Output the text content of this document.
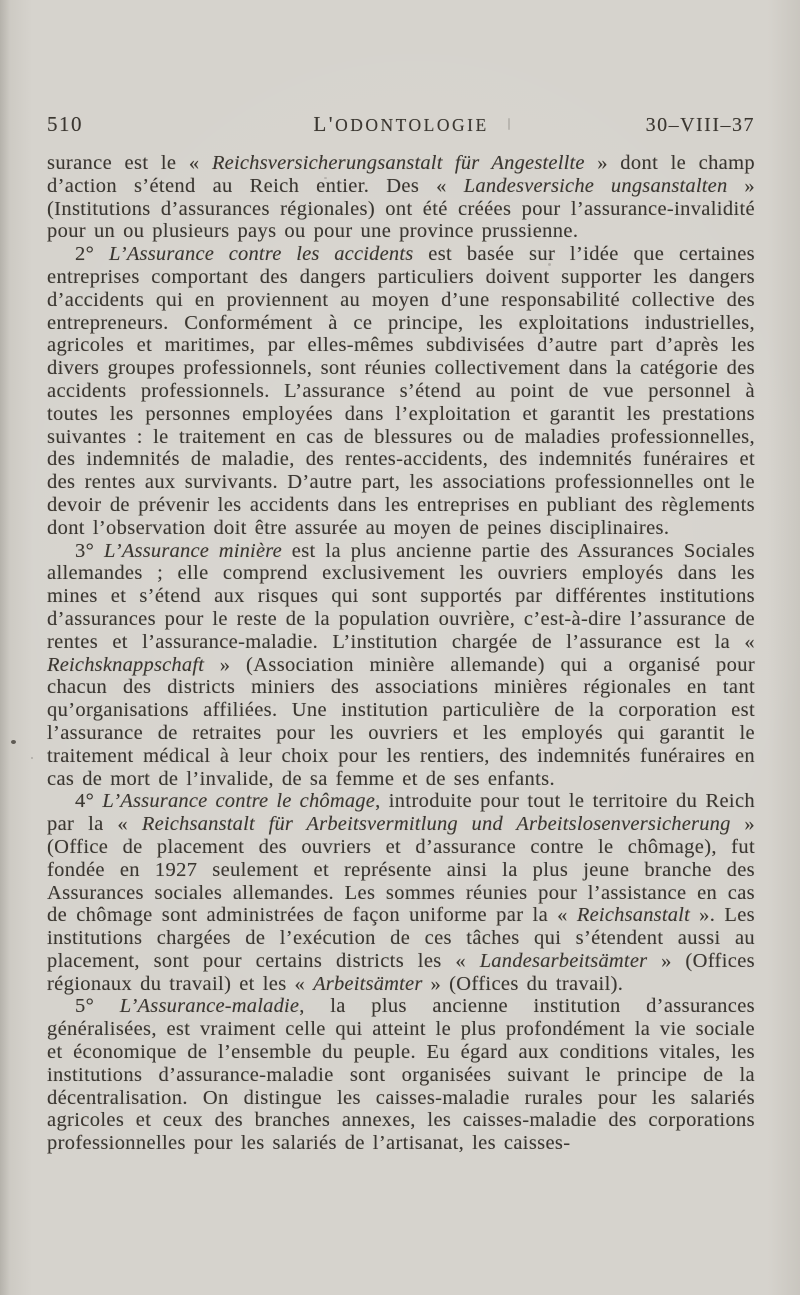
510	L'ODONTOLOGIE	30–VIII–37

surance est le « Reichsversicherungsanstalt für Angestellte » dont le champ d’action s’étend au Reich entier. Des « Landesversiche ungsanstalten » (Institutions d’assurances régionales) ont été créées pour l’assurance-invalidité pour un ou plusieurs pays ou pour une province prussienne.

2° L’Assurance contre les accidents est basée sur l’idée que certaines entreprises comportant des dangers particuliers doivent supporter les dangers d’accidents qui en proviennent au moyen d’une responsabilité collective des entrepreneurs. Conformément à ce principe, les exploitations industrielles, agricoles et maritimes, par elles-mêmes subdivisées d’autre part d’après les divers groupes professionnels, sont réunies collectivement dans la catégorie des accidents professionnels. L’assurance s’étend au point de vue personnel à toutes les personnes employées dans l’exploitation et garantit les prestations suivantes : le traitement en cas de blessures ou de maladies professionnelles, des indemnités de maladie, des rentes-accidents, des indemnités funéraires et des rentes aux survivants. D’autre part, les associations professionnelles ont le devoir de prévenir les accidents dans les entreprises en publiant des règlements dont l’observation doit être assurée au moyen de peines disciplinaires.

3° L’Assurance minière est la plus ancienne partie des Assurances Sociales allemandes ; elle comprend exclusivement les ouvriers employés dans les mines et s’étend aux risques qui sont supportés par différentes institutions d’assurances pour le reste de la population ouvrière, c’est-à-dire l’assurance de rentes et l’assurance-maladie. L’institution chargée de l’assurance est la « Reichsknappschaft » (Association minière allemande) qui a organisé pour chacun des districts miniers des associations minières régionales en tant qu’organisations affiliées. Une institution particulière de la corporation est l’assurance de retraites pour les ouvriers et les employés qui garantit le traitement médical à leur choix pour les rentiers, des indemnités funéraires en cas de mort de l’invalide, de sa femme et de ses enfants.

4° L’Assurance contre le chômage, introduite pour tout le territoire du Reich par la « Reichsanstalt für Arbeitsvermitlung und Arbeitslosenversicherung » (Office de placement des ouvriers et d’assurance contre le chômage), fut fondée en 1927 seulement et représente ainsi la plus jeune branche des Assurances sociales allemandes. Les sommes réunies pour l’assistance en cas de chômage sont administrées de façon uniforme par la « Reichsanstalt ». Les institutions chargées de l’exécution de ces tâches qui s’étendent aussi au placement, sont pour certains districts les « Landesarbeitsämter » (Offices régionaux du travail) et les « Arbeitsämter » (Offices du travail).

5° L’Assurance-maladie, la plus ancienne institution d’assurances généralisées, est vraiment celle qui atteint le plus profondément la vie sociale et économique de l’ensemble du peuple. Eu égard aux conditions vitales, les institutions d’assurance-maladie sont organisées suivant le principe de la décentralisation. On distingue les caisses-maladie rurales pour les salariés agricoles et ceux des branches annexes, les caisses-maladie des corporations professionnelles pour les salariés de l’artisanat, les caisses-
